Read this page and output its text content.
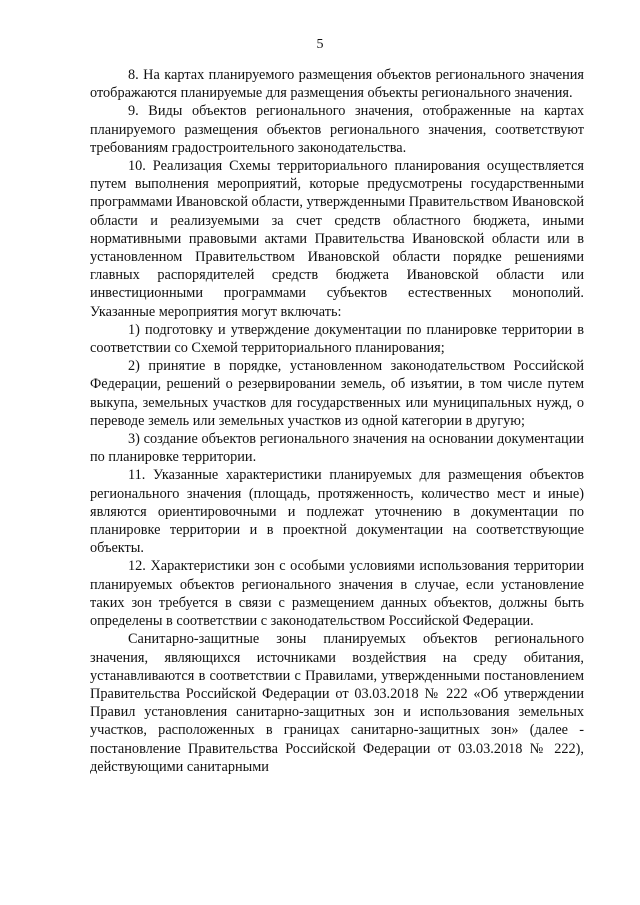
5

8. На картах планируемого размещения объектов регионального значения отображаются планируемые для размещения объекты регионального значения.

9. Виды объектов регионального значения, отображенные на картах планируемого размещения объектов регионального значения, соответствуют требованиям градостроительного законодательства.

10. Реализация Схемы территориального планирования осуществляется путем выполнения мероприятий, которые предусмотрены государственными программами Ивановской области, утвержденными Правительством Ивановской области и реализуемыми за счет средств областного бюджета, иными нормативными правовыми актами Правительства Ивановской области или в установленном Правительством Ивановской области порядке решениями главных распорядителей средств бюджета Ивановской области или инвестиционными программами субъектов естественных монополий. Указанные мероприятия могут включать:

1) подготовку и утверждение документации по планировке территории в соответствии со Схемой территориального планирования;

2) принятие в порядке, установленном законодательством Российской Федерации, решений о резервировании земель, об изъятии, в том числе путем выкупа, земельных участков для государственных или муниципальных нужд, о переводе земель или земельных участков из одной категории в другую;

3) создание объектов регионального значения на основании документации по планировке территории.

11. Указанные характеристики планируемых для размещения объектов регионального значения (площадь, протяженность, количество мест и иные) являются ориентировочными и подлежат уточнению в документации по планировке территории и в проектной документации на соответствующие объекты.

12. Характеристики зон с особыми условиями использования территории планируемых объектов регионального значения в случае, если установление таких зон требуется в связи с размещением данных объектов, должны быть определены в соответствии с законодательством Российской Федерации.

Санитарно-защитные зоны планируемых объектов регионального значения, являющихся источниками воздействия на среду обитания, устанавливаются в соответствии с Правилами, утвержденными постановлением Правительства Российской Федерации от 03.03.2018 № 222 «Об утверждении Правил установления санитарно-защитных зон и использования земельных участков, расположенных в границах санитарно-защитных зон» (далее - постановление Правительства Российской Федерации от 03.03.2018 № 222), действующими санитарными
